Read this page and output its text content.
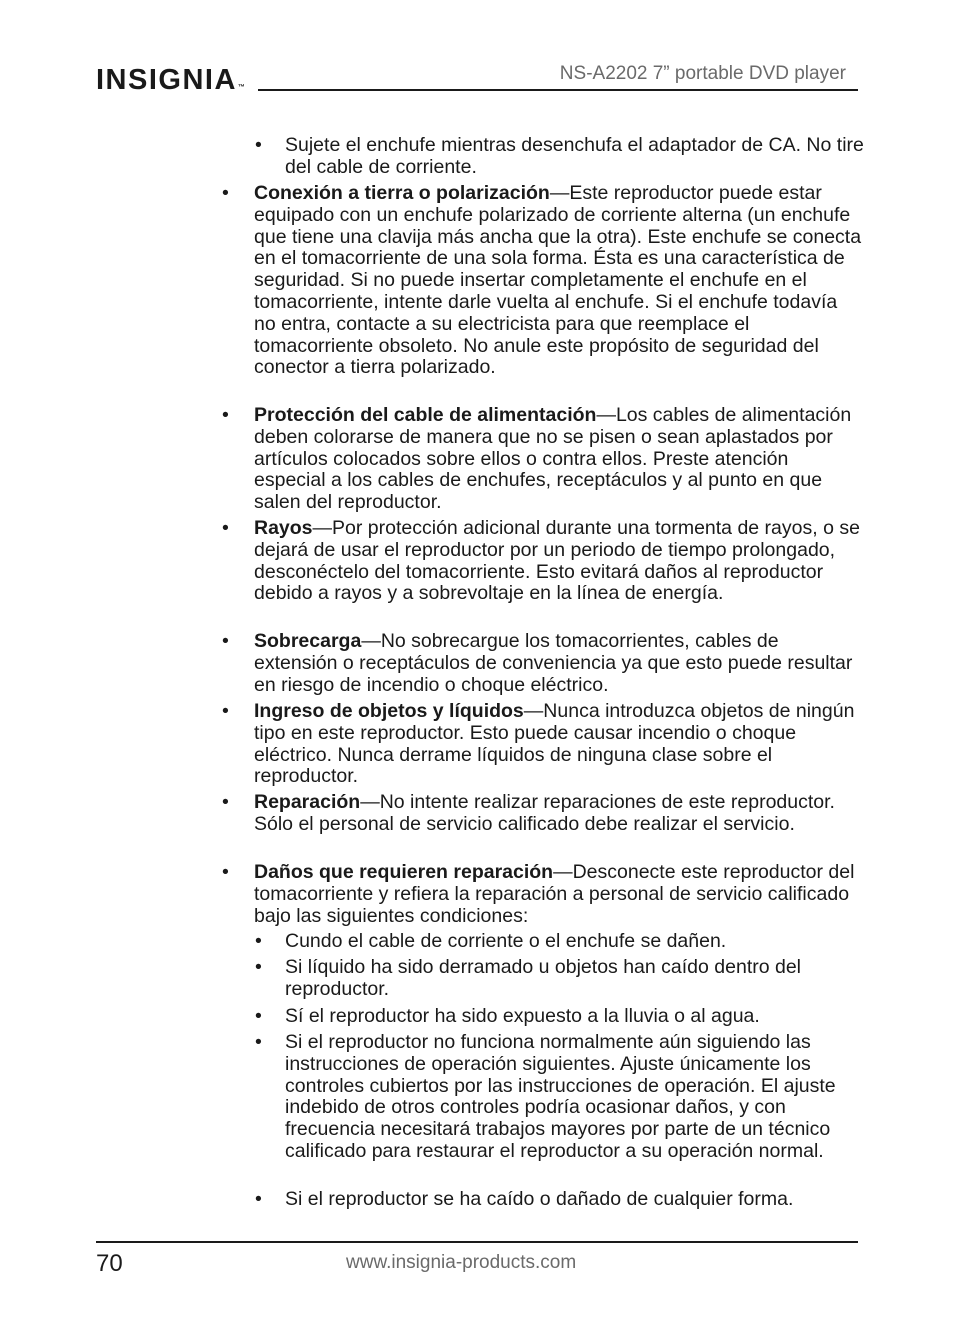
INSIGNIA™
NS-A2202 7” portable DVD player
• Sujete el enchufe mientras desenchufa el adaptador de CA. No tire del cable de corriente.
• Conexión a tierra o polarización—Este reproductor puede estar equipado con un enchufe polarizado de corriente alterna (un enchufe que tiene una clavija más ancha que la otra). Este enchufe se conecta en el tomacorriente de una sola forma. Ésta es una característica de seguridad. Si no puede insertar completamente el enchufe en el tomacorriente, intente darle vuelta al enchufe. Si el enchufe todavía no entra, contacte a su electricista para que reemplace el tomacorriente obsoleto. No anule este propósito de seguridad del conector a tierra polarizado.
• Protección del cable de alimentación—Los cables de alimentación deben colorarse de manera que no se pisen o sean aplastados por artículos colocados sobre ellos o contra ellos. Preste atención especial a los cables de enchufes, receptáculos y al punto en que salen del reproductor.
• Rayos—Por protección adicional durante una tormenta de rayos, o se dejará de usar el reproductor por un periodo de tiempo prolongado, desconéctelo del tomacorriente. Esto evitará daños al reproductor debido a rayos y a sobrevoltaje en la línea de energía.
• Sobrecarga—No sobrecargue los tomacorrientes, cables de extensión o receptáculos de conveniencia ya que esto puede resultar en riesgo de incendio o choque eléctrico.
• Ingreso de objetos y líquidos—Nunca introduzca objetos de ningún tipo en este reproductor. Esto puede causar incendio o choque eléctrico. Nunca derrame líquidos de ninguna clase sobre el reproductor.
• Reparación—No intente realizar reparaciones de este reproductor. Sólo el personal de servicio calificado debe realizar el servicio.
• Daños que requieren reparación—Desconecte este reproductor del tomacorriente y refiera la reparación a personal de servicio calificado bajo las siguientes condiciones:
• Cundo el cable de corriente o el enchufe se dañen.
• Si líquido ha sido derramado u objetos han caído dentro del reproductor.
• Sí el reproductor ha sido expuesto a la lluvia o al agua.
• Si el reproductor no funciona normalmente aún siguiendo las instrucciones de operación siguientes. Ajuste únicamente los controles cubiertos por las instrucciones de operación. El ajuste indebido de otros controles podría ocasionar daños, y con frecuencia necesitará trabajos mayores por parte de un técnico calificado para restaurar el reproductor a su operación normal.
• Si el reproductor se ha caído o dañado de cualquier forma.
70	www.insignia-products.com
